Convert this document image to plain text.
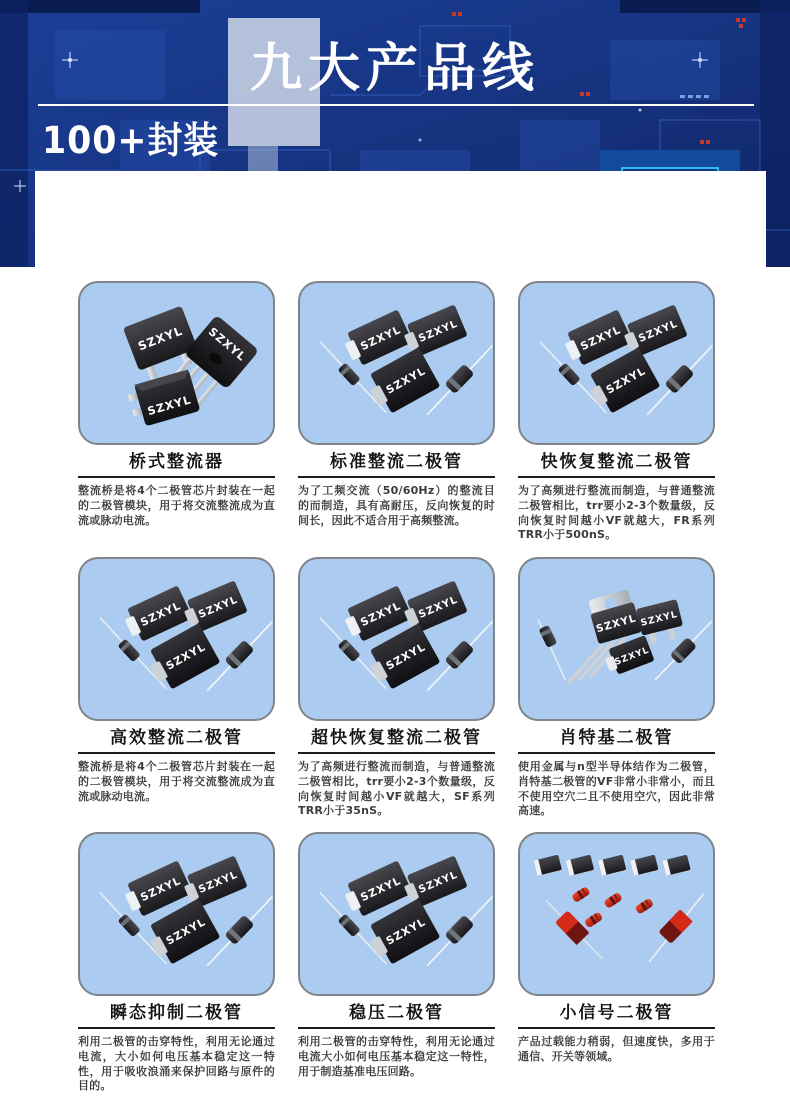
九大产品线
100+封装
桥式整流器

整流桥是将4个二极管芯片封装在一起的二极管模块，用于将交流整流成为直流或脉动电流。

标准整流二极管

为了工频交流（50/60Hz）的整流目的而制造，具有高耐压，反向恢复的时间长，因此不适合用于高频整流。

快恢复整流二极管

为了高频进行整流而制造，与普通整流二极管相比，trr要小2-3个数量级，反向恢复时间越小VF就越大，FR系列TRR小于500nS。

高效整流二极管

整流桥是将4个二极管芯片封装在一起的二极管模块，用于将交流整流成为直流或脉动电流。

超快恢复整流二极管

为了高频进行整流而制造，与普通整流二极管相比，trr要小2-3个数量级，反向恢复时间越小VF就越大，SF系列TRR小于35nS。

肖特基二极管

使用金属与n型半导体结作为二极管，肖特基二极管的VF非常小非常小，而且不使用空穴二且不使用空穴，因此非常高速。

瞬态抑制二极管

利用二极管的击穿特性，利用无论通过电流，大小如何电压基本稳定这一特性，用于吸收浪涌来保护回路与原件的目的。

稳压二极管

利用二极管的击穿特性，利用无论通过电流大小如何电压基本稳定这一特性，用于制造基准电压回路。

小信号二极管

产品过载能力稍弱，但速度快，多用于通信、开关等领域。
